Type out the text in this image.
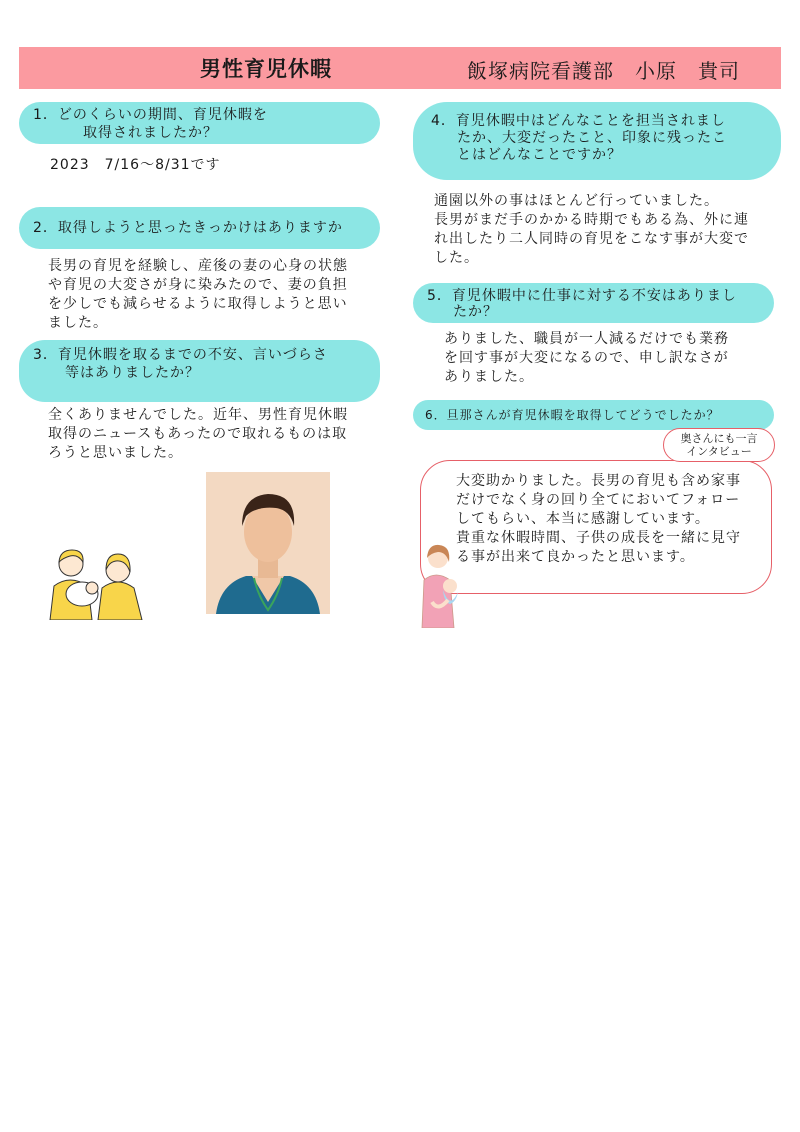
男性育児休暇	飯塚病院看護部　小原　貴司
1．どのくらいの期間、育児休暇を
取得されましたか？
2023　7/16～8/31です
2．取得しようと思ったきっかけはありますか
長男の育児を経験し、産後の妻の心身の状態
や育児の大変さが身に染みたので、妻の負担
を少しでも減らせるように取得しようと思い
ました。
3．育児休暇を取るまでの不安、言いづらさ
等はありましたか？
全くありませんでした。近年、男性育児休暇
取得のニュースもあったので取れるものは取
ろうと思いました。
4．育児休暇中はどんなことを担当されまし
たか、大変だったこと、印象に残ったこ
とはどんなことですか？
通園以外の事はほとんど行っていました。
長男がまだ手のかかる時期でもある為、外に連
れ出したり二人同時の育児をこなす事が大変で
した。
5．育児休暇中に仕事に対する不安はありまし
たか？
ありました、職員が一人減るだけでも業務
を回す事が大変になるので、申し訳なさが
ありました。
6．旦那さんが育児休暇を取得してどうでしたか？
奥さんにも一言
インタビュー
大変助かりました。長男の育児も含め家事
だけでなく身の回り全てにおいてフォロー
してもらい、本当に感謝しています。
貴重な休暇時間、子供の成長を一緒に見守
る事が出来て良かったと思います。
